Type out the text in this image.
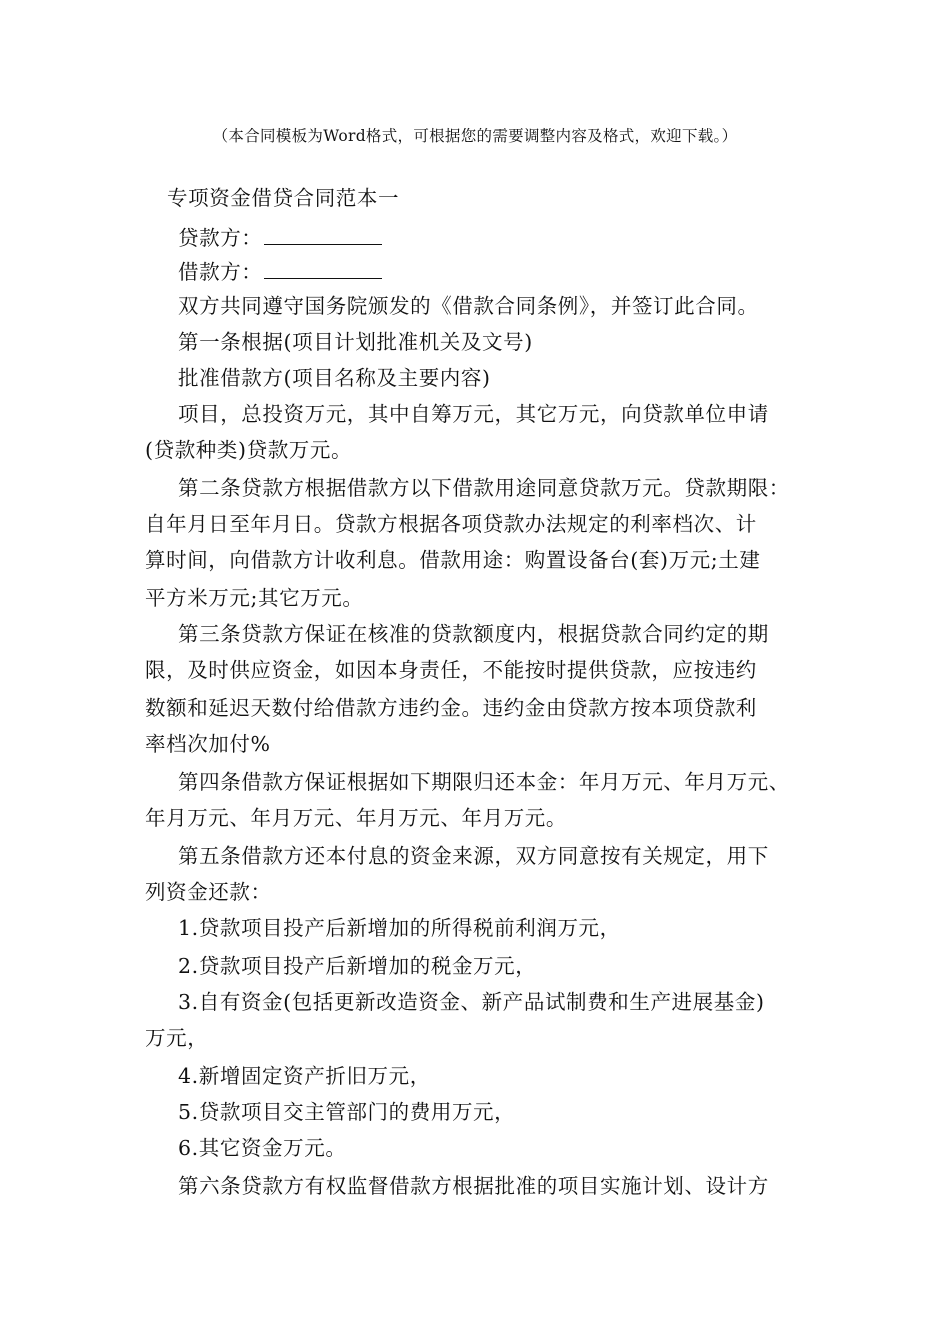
（本合同模板为Word格式，可根据您的需要调整内容及格式，欢迎下载。）
专项资金借贷合同范本一
贷款方：
借款方：
双方共同遵守国务院颁发的《借款合同条例》，并签订此合同。
第一条根据(项目计划批准机关及文号)
批准借款方(项目名称及主要内容)
项目，总投资万元，其中自筹万元，其它万元，向贷款单位申请
(贷款种类)贷款万元。
第二条贷款方根据借款方以下借款用途同意贷款万元。贷款期限：
自年月日至年月日。贷款方根据各项贷款办法规定的利率档次、计
算时间，向借款方计收利息。借款用途：购置设备台(套)万元;土建
平方米万元;其它万元。
第三条贷款方保证在核准的贷款额度内，根据贷款合同约定的期
限，及时供应资金，如因本身责任，不能按时提供贷款，应按违约
数额和延迟天数付给借款方违约金。违约金由贷款方按本项贷款利
率档次加付%
第四条借款方保证根据如下期限归还本金：年月万元、年月万元、
年月万元、年月万元、年月万元、年月万元。
第五条借款方还本付息的资金来源，双方同意按有关规定，用下
列资金还款：
1.贷款项目投产后新增加的所得税前利润万元，
2.贷款项目投产后新增加的税金万元，
3.自有资金(包括更新改造资金、新产品试制费和生产进展基金)
万元，
4.新增固定资产折旧万元，
5.贷款项目交主管部门的费用万元，
6.其它资金万元。
第六条贷款方有权监督借款方根据批准的项目实施计划、设计方
